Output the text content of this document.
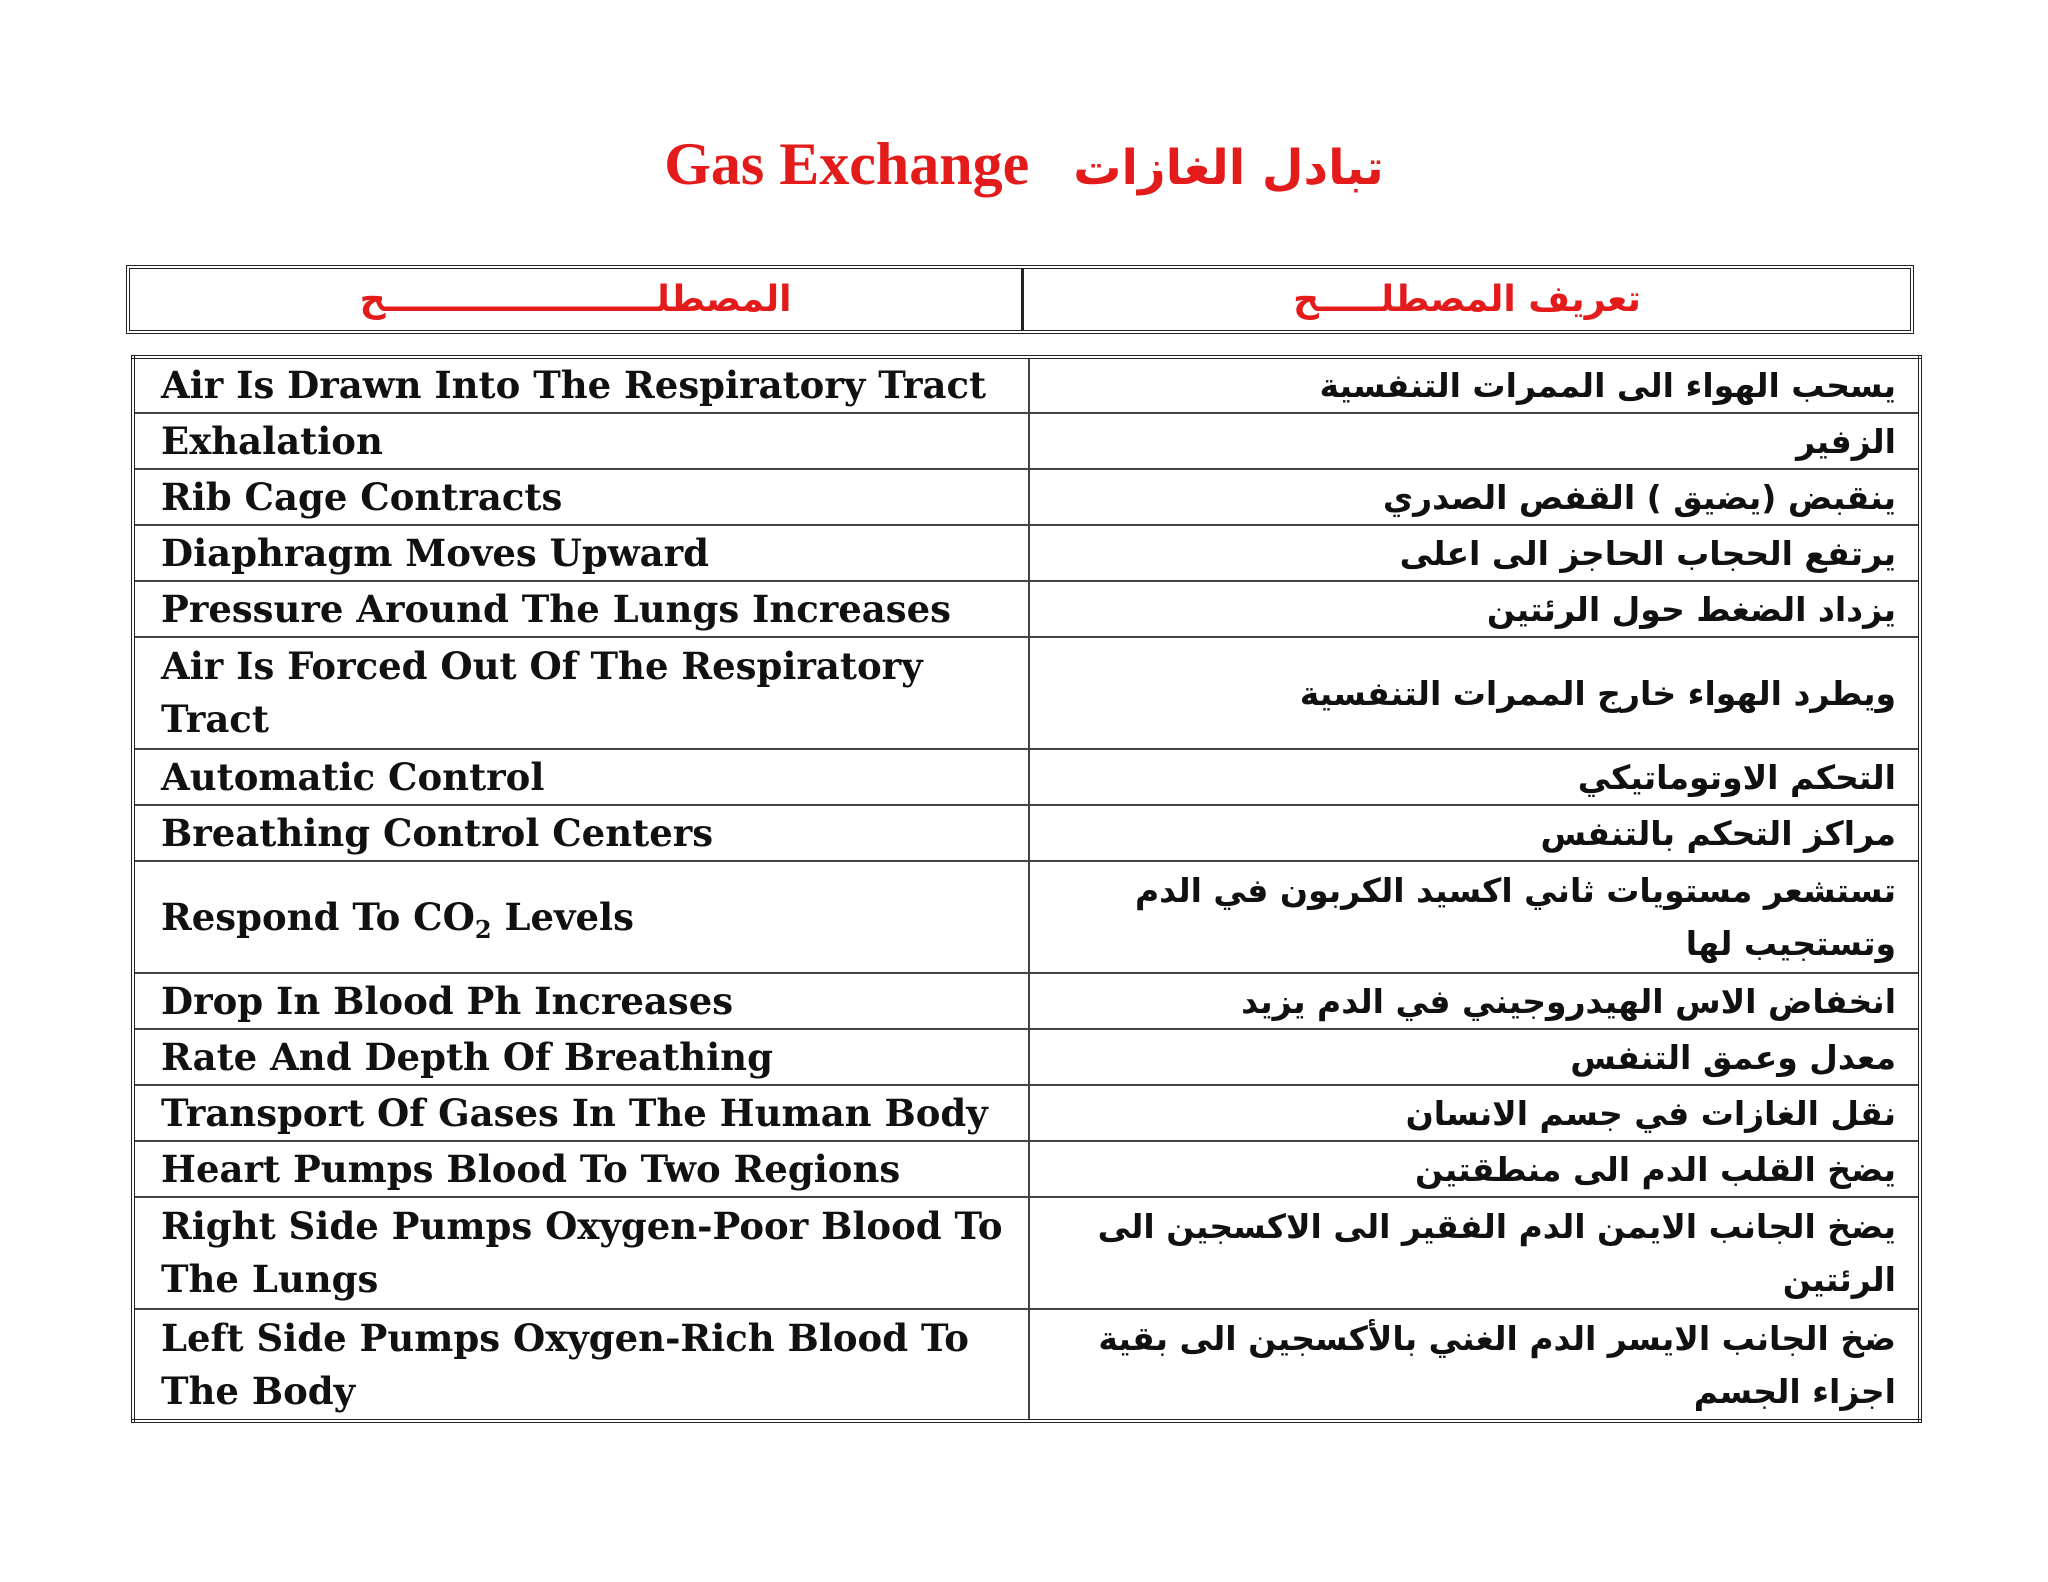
Gas Exchange تبادل الغازات
المصطلــــــــــــــــــــــح	تعريف المصطلـــــح
Air Is Drawn Into The Respiratory Tract	يسحب الهواء الى الممرات التنفسية
Exhalation	الزفير
Rib Cage Contracts	ينقبض (يضيق ) القفص الصدري
Diaphragm Moves Upward	يرتفع الحجاب الحاجز الى اعلى
Pressure Around The Lungs Increases	يزداد الضغط حول الرئتين
Air Is Forced Out Of The Respiratory Tract	ويطرد الهواء خارج الممرات التنفسية
Automatic Control	التحكم الاوتوماتيكي
Breathing Control Centers	مراكز التحكم بالتنفس
Respond To $CO_2$ Levels	تستشعر مستويات ثاني اكسيد الكربون في الدم وتستجيب لها
Drop In Blood Ph Increases	انخفاض الاس الهيدروجيني في الدم يزيد
Rate And Depth Of Breathing	معدل وعمق التنفس
Transport Of Gases In The Human Body	نقل الغازات في جسم الانسان
Heart Pumps Blood To Two Regions	يضخ القلب الدم الى منطقتين
Right Side Pumps Oxygen-Poor Blood To The Lungs	يضخ الجانب الايمن الدم الفقير الى الاكسجين الى الرئتين
Left Side Pumps Oxygen-Rich Blood To The Body	ضخ الجانب الايسر الدم الغني بالأكسجين الى بقية اجزاء الجسم
